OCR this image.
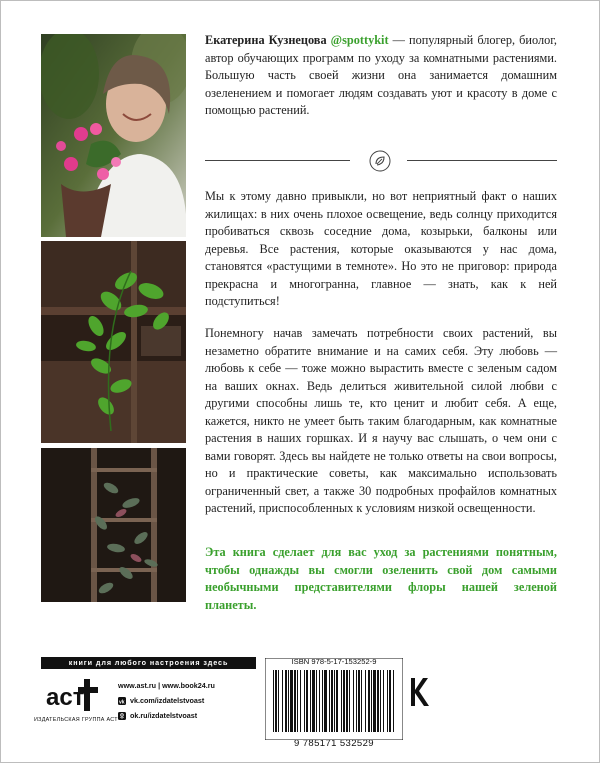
Екатерина Кузнецова @spottykit — популярный блогер, биолог, автор обучающих программ по уходу за комнатными растениями. Большую часть своей жизни она занимается домашним озеленением и помогает людям создавать уют и красоту в доме с помощью растений.
Мы к этому давно привыкли, но вот неприятный факт о наших жилищах: в них очень плохое освещение, ведь солнцу приходится пробиваться сквозь соседние дома, козырьки, балконы или деревья. Все растения, которые оказываются у нас дома, становятся «растущими в темноте». Но это не приговор: природа прекрасна и многогранна, главное — знать, как к ней подступиться!
Понемногу начав замечать потребности своих растений, вы незаметно обратите внимание и на самих себя. Эту любовь — любовь к себе — тоже можно вырастить вместе с зеленым садом на ваших окнах. Ведь делиться живительной силой любви с другими способны лишь те, кто ценит и любит себя. А еще, кажется, никто не умеет быть таким благодарным, как комнатные растения в наших горшках. И я научу вас слышать, о чем они с вами говорят. Здесь вы найдете не только ответы на свои вопросы, но и практические советы, как максимально использовать ограниченный свет, а также 30 подробных профайлов комнатных растений, приспособленных к условиям низкой освещенности.
Эта книга сделает для вас уход за растениями понятным, чтобы однажды вы смогли озеленить свой дом самыми необычными представителями флоры нашей зеленой планеты.
книги для любого настроения здесь
аст
ИЗДАТЕЛЬСКАЯ ГРУППА АСТ
www.ast.ru | www.book24.ru
vk vk.com/izdatelstvoast
ok.ru/izdatelstvoast
ISBN 978-5-17-153252-9
9 785171 532529
